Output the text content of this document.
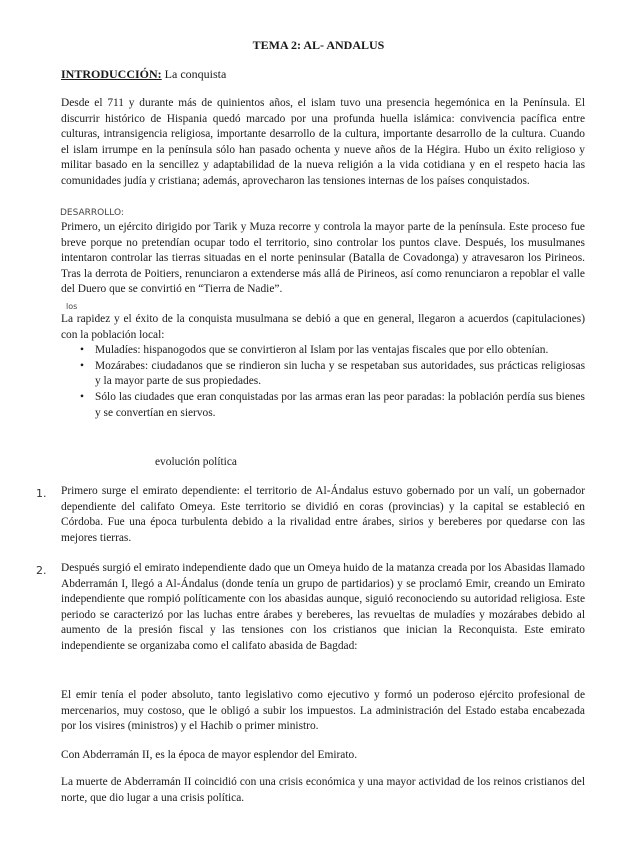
TEMA 2: AL- ANDALUS
INTRODUCCIÓN: La conquista

Desde el 711 y durante más de quinientos años, el islam tuvo una presencia hegemónica en la Península. El discurrir histórico de Hispania quedó marcado por una profunda huella islámica: convivencia pacífica entre culturas, intransigencia religiosa, importante desarrollo de la cultura, importante desarrollo de la cultura. Cuando el islam irrumpe en la península sólo han pasado ochenta y nueve años de la Hégira. Hubo un éxito religioso y militar basado en la sencillez y adaptabilidad de la nueva religión a la vida cotidiana y en el respeto hacia las comunidades judía y cristiana; además, aprovecharon las tensiones internas de los países conquistados.

DESARROLLO:

Primero, un ejército dirigido por Tarik y Muza recorre y controla la mayor parte de la península. Este proceso fue breve porque no pretendían ocupar todo el territorio, sino controlar los puntos clave. Después, los musulmanes intentaron controlar las tierras situadas en el norte peninsular (Batalla de Covadonga) y atravesaron los Pirineos. Tras la derrota de Poitiers, renunciaron a extenderse más allá de Pirineos, así como renunciaron a repoblar el valle del Duero que se convirtió en “Tierra de Nadie”.

los

La rapidez y el éxito de la conquista musulmana se debió a que en general, llegaron a acuerdos (capitulaciones) con la población local:

• Muladíes: hispanogodos que se convirtieron al Islam por las ventajas fiscales que por ello obtenían.
• Mozárabes: ciudadanos que se rindieron sin lucha y se respetaban sus autoridades, sus prácticas religiosas y la mayor parte de sus propiedades.
• Sólo las ciudades que eran conquistadas por las armas eran las peor paradas: la población perdía sus bienes y se convertían en siervos.
evolución política
1. Primero surge el emirato dependiente: el territorio de Al-Ándalus estuvo gobernado por un valí, un gobernador dependiente del califato Omeya. Este territorio se dividió en coras (provincias) y la capital se estableció en Córdoba. Fue una época turbulenta debido a la rivalidad entre árabes, sirios y bereberes por quedarse con las mejores tierras.

2. Después surgió el emirato independiente dado que un Omeya huido de la matanza creada por los Abasidas llamado Abderramán I, llegó a Al-Ándalus (donde tenía un grupo de partidarios) y se proclamó Emir, creando un Emirato independiente que rompió políticamente con los abasidas aunque, siguió reconociendo su autoridad religiosa. Este periodo se caracterizó por las luchas entre árabes y bereberes, las revueltas de muladíes y mozárabes debido al aumento de la presión fiscal y las tensiones con los cristianos que inician la Reconquista. Este emirato independiente se organizaba como el califato abasida de Bagdad:

El emir tenía el poder absoluto, tanto legislativo como ejecutivo y formó un poderoso ejército profesional de mercenarios, muy costoso, que le obligó a subir los impuestos. La administración del Estado estaba encabezada por los visires (ministros) y el Hachib o primer ministro.

Con Abderramán II, es la época de mayor esplendor del Emirato.

La muerte de Abderramán II coincidió con una crisis económica y una mayor actividad de los reinos cristianos del norte, que dio lugar a una crisis política.
